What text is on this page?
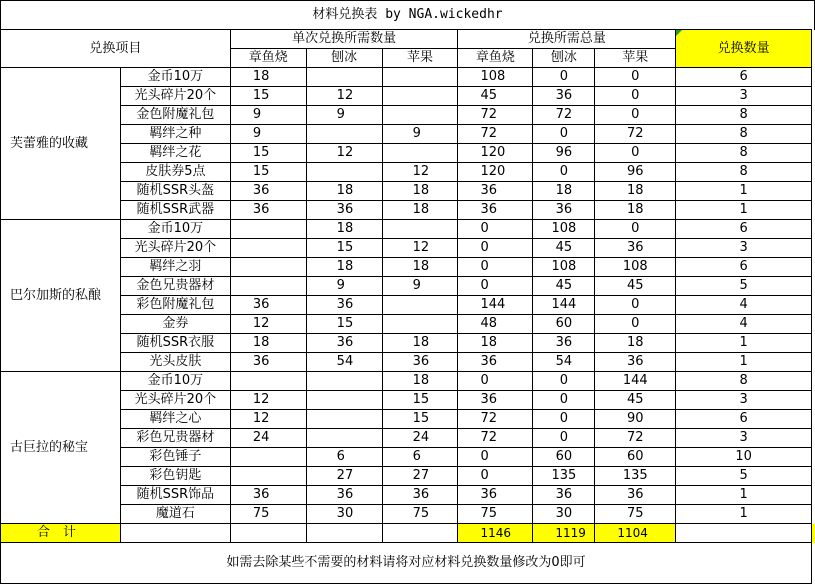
材料兑换表 by NGA.wickedhr									
兑换项目		单次兑换所需数量			兑换所需总量			兑换数量	
		章鱼烧	刨冰	苹果	章鱼烧	刨冰	苹果		
芙蕾雅的收藏	金币10万	18			108	0	0	6	
	光头碎片20个	15	12		45	36	0	3	
	金色附魔礼包	9	9		72	72	0	8	
	羁绊之种	9		9	72	0	72	8	
	羁绊之花	15	12		120	96	0	8	
	皮肤券5点	15		12	120	0	96	8	
	随机SSR头盔	36	18	18	36	18	18	1	
	随机SSR武器	36	36	18	36	36	18	1	
巴尔加斯的私酿	金币10万		18		0	108	0	6	
	光头碎片20个		15	12	0	45	36	3	
	羁绊之羽		18	18	0	108	108	6	
	金色兄贵器材		9	9	0	45	45	5	
	彩色附魔礼包	36	36		144	144	0	4	
	金券	12	15		48	60	0	4	
	随机SSR衣服	18	36	18	18	36	18	1	
	光头皮肤	36	54	36	36	54	36	1	
古巨拉的秘宝	金币10万			18	0	0	144	8	
	光头碎片20个	12		15	36	0	45	3	
	羁绊之心	12		15	72	0	90	6	
	彩色兄贵器材	24		24	72	0	72	3	
	彩色锤子		6	6	0	60	60	10	
	彩色钥匙		27	27	0	135	135	5	
	随机SSR饰品	36	36	36	36	36	36	1	
	魔道石	75	30	75	75	30	75	1	
合　计					1146	1119	1104		
如需去除某些不需要的材料请将对应材料兑换数量修改为0即可									
